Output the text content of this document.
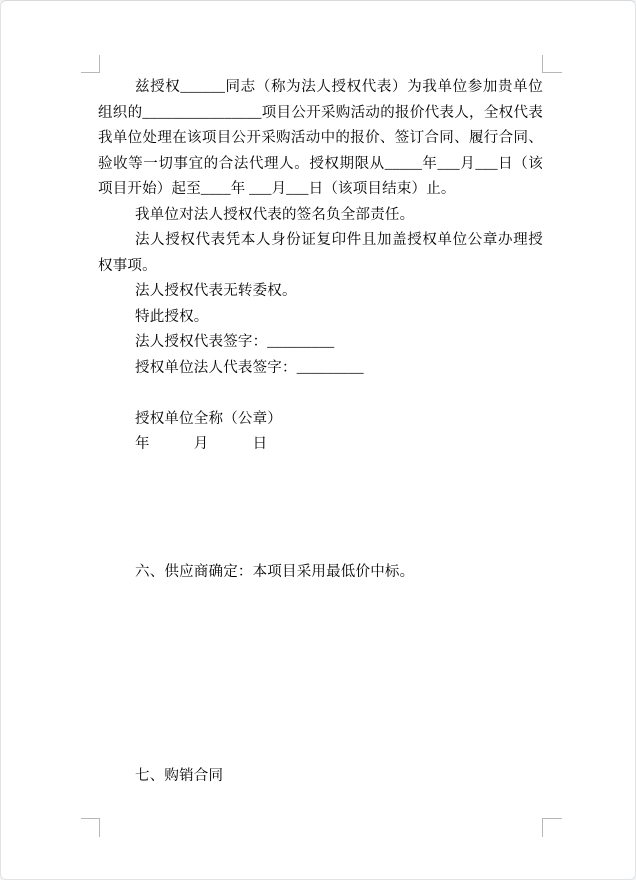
兹授权______同志（称为法人授权代表）为我单位参加贵单位
组织的________________项目公开采购活动的报价代表人，全权代表
我单位处理在该项目公开采购活动中的报价、签订合同、履行合同、
验收等一切事宜的合法代理人。授权期限从_____年___月___日（该
项目开始）起至____年 ___月___日（该项目结束）止。
我单位对法人授权代表的签名负全部责任。
法人授权代表凭本人身份证复印件且加盖授权单位公章办理授
权事项。
法人授权代表无转委权。
特此授权。
法人授权代表签字：_________
授权单位法人代表签字：_________

授权单位全称（公章）
年　　　月　　　日

六、供应商确定：本项目采用最低价中标。

七、购销合同
